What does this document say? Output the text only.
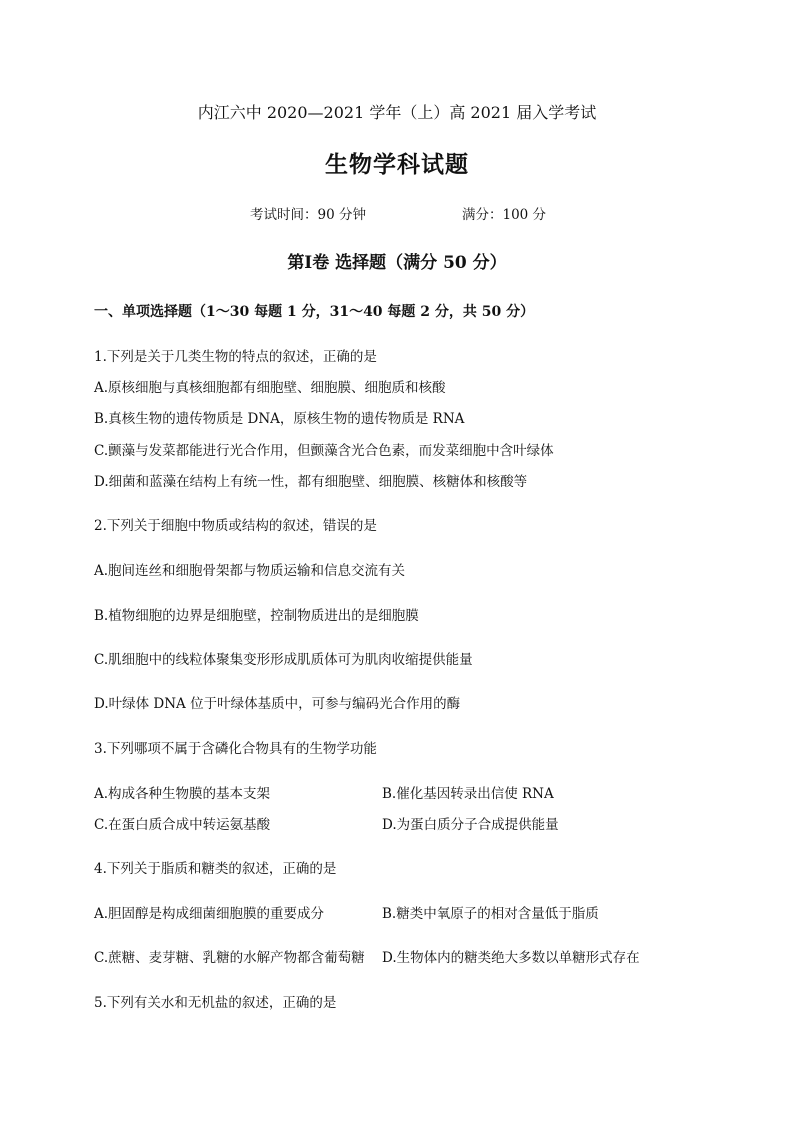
内江六中 2020—2021 学年（上）高 2021 届入学考试
生物学科试题
考试时间：90 分钟	满分：100 分
第Ⅰ卷 选择题（满分 50 分）
一、单项选择题（1～30 每题 1 分，31～40 每题 2 分，共 50 分）
1.下列是关于几类生物的特点的叙述，正确的是
A.原核细胞与真核细胞都有细胞壁、细胞膜、细胞质和核酸
B.真核生物的遗传物质是 DNA，原核生物的遗传物质是 RNA
C.颤藻与发菜都能进行光合作用，但颤藻含光合色素，而发菜细胞中含叶绿体
D.细菌和蓝藻在结构上有统一性，都有细胞壁、细胞膜、核糖体和核酸等
2.下列关于细胞中物质或结构的叙述，错误的是
A.胞间连丝和细胞骨架都与物质运输和信息交流有关
B.植物细胞的边界是细胞壁，控制物质进出的是细胞膜
C.肌细胞中的线粒体聚集变形形成肌质体可为肌肉收缩提供能量
D.叶绿体 DNA 位于叶绿体基质中，可参与编码光合作用的酶
3.下列哪项不属于含磷化合物具有的生物学功能
A.构成各种生物膜的基本支架	B.催化基因转录出信使 RNA
C.在蛋白质合成中转运氨基酸	D.为蛋白质分子合成提供能量
4.下列关于脂质和糖类的叙述，正确的是
A.胆固醇是构成细菌细胞膜的重要成分	B.糖类中氧原子的相对含量低于脂质
C.蔗糖、麦芽糖、乳糖的水解产物都含葡萄糖 D.生物体内的糖类绝大多数以单糖形式存在
5.下列有关水和无机盐的叙述，正确的是
